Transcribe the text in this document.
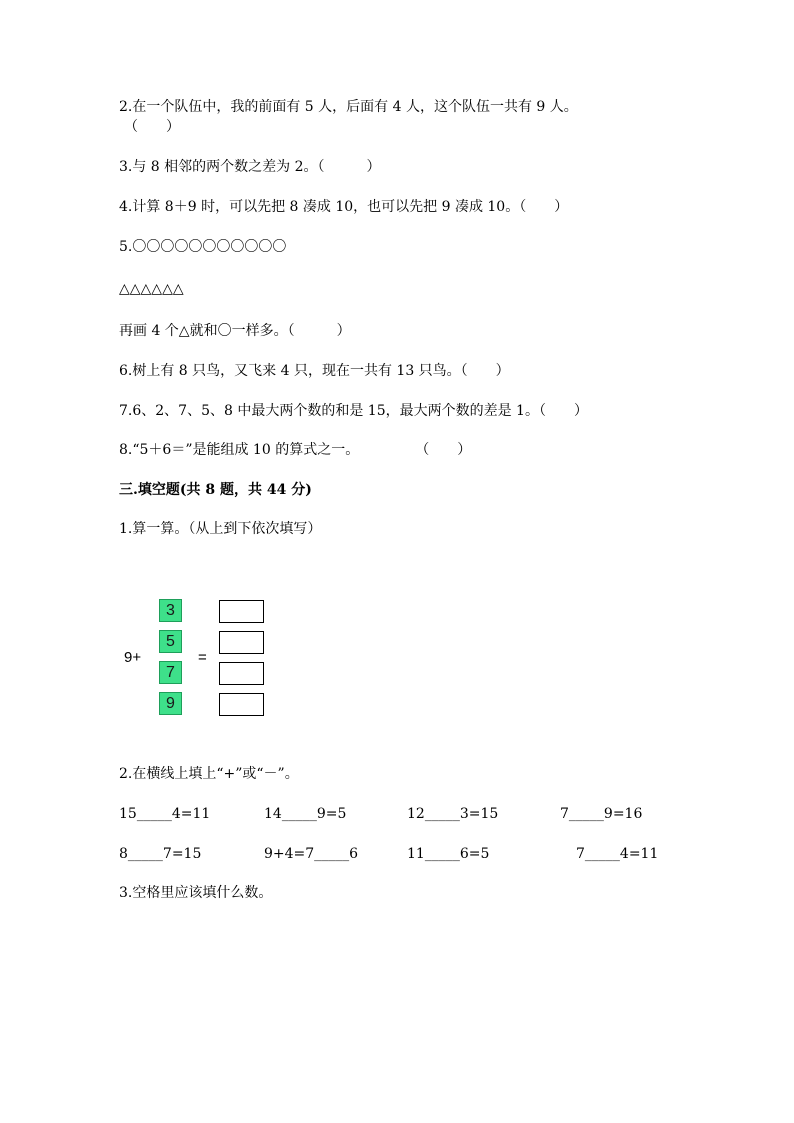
2.在一个队伍中，我的前面有 5 人，后面有 4 人，这个队伍一共有 9 人。
（　　）
3.与 8 相邻的两个数之差为 2。（　　　）
4.计算 8＋9 时，可以先把 8 凑成 10，也可以先把 9 凑成 10。（　　）
5.〇〇〇〇〇〇〇〇〇〇〇
△△△△△△
再画 4 个△就和〇一样多。（　　　）
6.树上有 8 只鸟，又飞来 4 只，现在一共有 13 只鸟。（　　）
7.6、2、7、5、8 中最大两个数的和是 15，最大两个数的差是 1。（　　）
8.“5＋6＝”是能组成 10 的算式之一。　　　　　（　　）
三.填空题(共 8 题，共 44 分)
1.算一算。（从上到下依次填写）
9+	=
3
5
7
9
2.在横线上填上“+”或“－”。
15_____4=11	14_____9=5	12_____3=15	7_____9=16
8_____7=15	9+4=7_____6	11_____6=5	7_____4=11
3.空格里应该填什么数。
